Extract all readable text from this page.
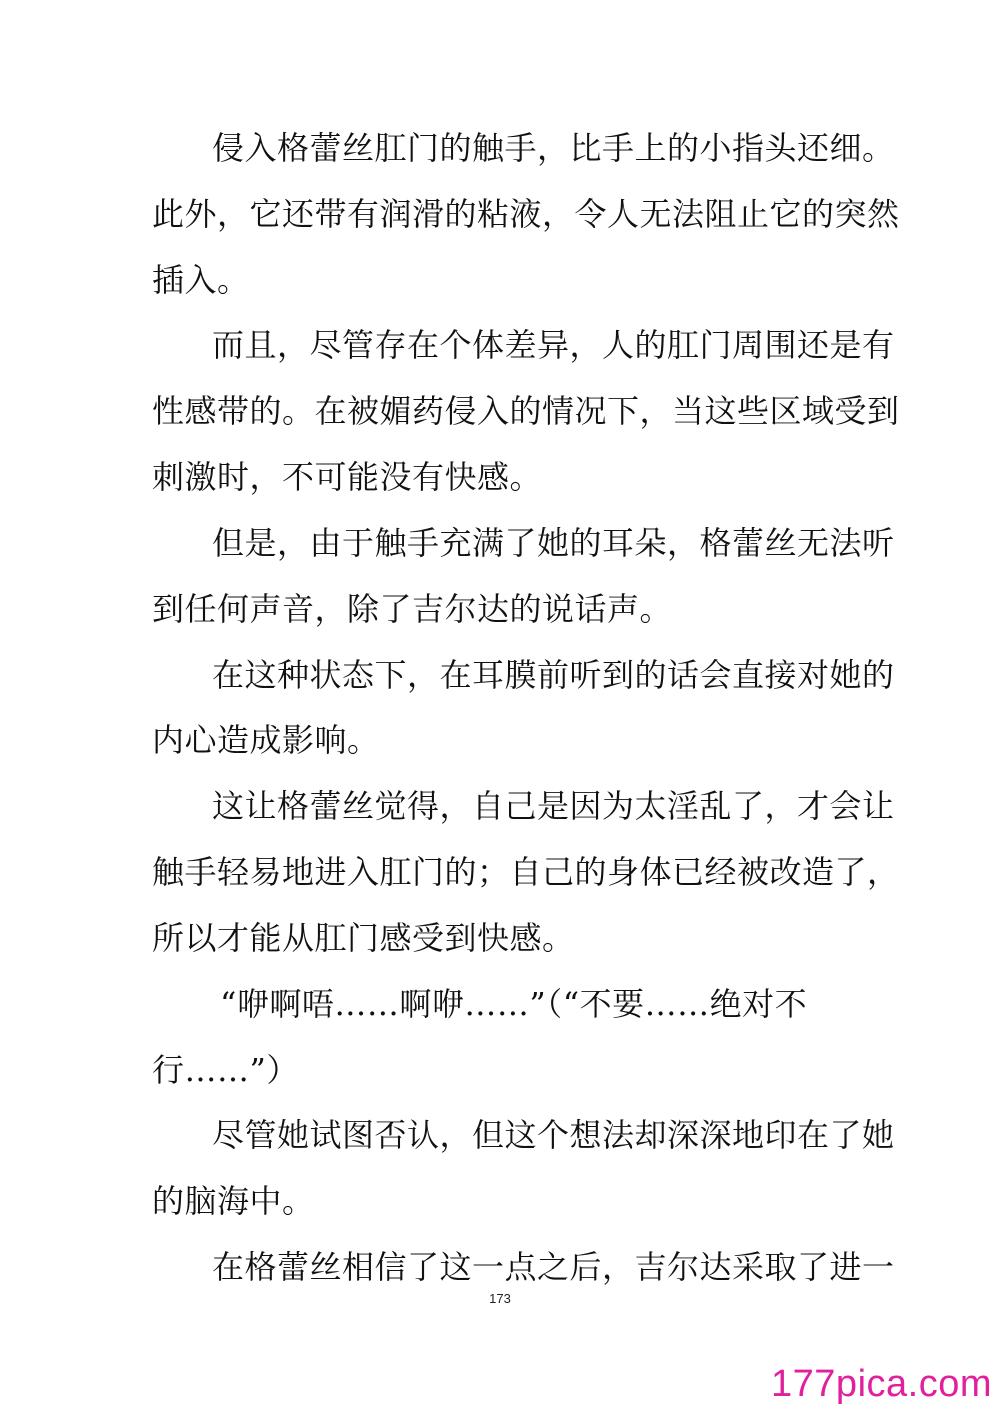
侵入格蕾丝肛门的触手，比手上的小指头还细。
此外，它还带有润滑的粘液，令人无法阻止它的突然
插入。
而且，尽管存在个体差异，人的肛门周围还是有
性感带的。在被媚药侵入的情况下，当这些区域受到
刺激时，不可能没有快感。
但是，由于触手充满了她的耳朵，格蕾丝无法听
到任何声音，除了吉尔达的说话声。
在这种状态下，在耳膜前听到的话会直接对她的
内心造成影响。
这让格蕾丝觉得，自己是因为太淫乱了，才会让
触手轻易地进入肛门的；自己的身体已经被改造了，
所以才能从肛门感受到快感。
“咿啊唔……啊咿……”（“不要……绝对不
行……”）
尽管她试图否认，但这个想法却深深地印在了她
的脑海中。
在格蕾丝相信了这一点之后，吉尔达采取了进一
173
177pica.com
